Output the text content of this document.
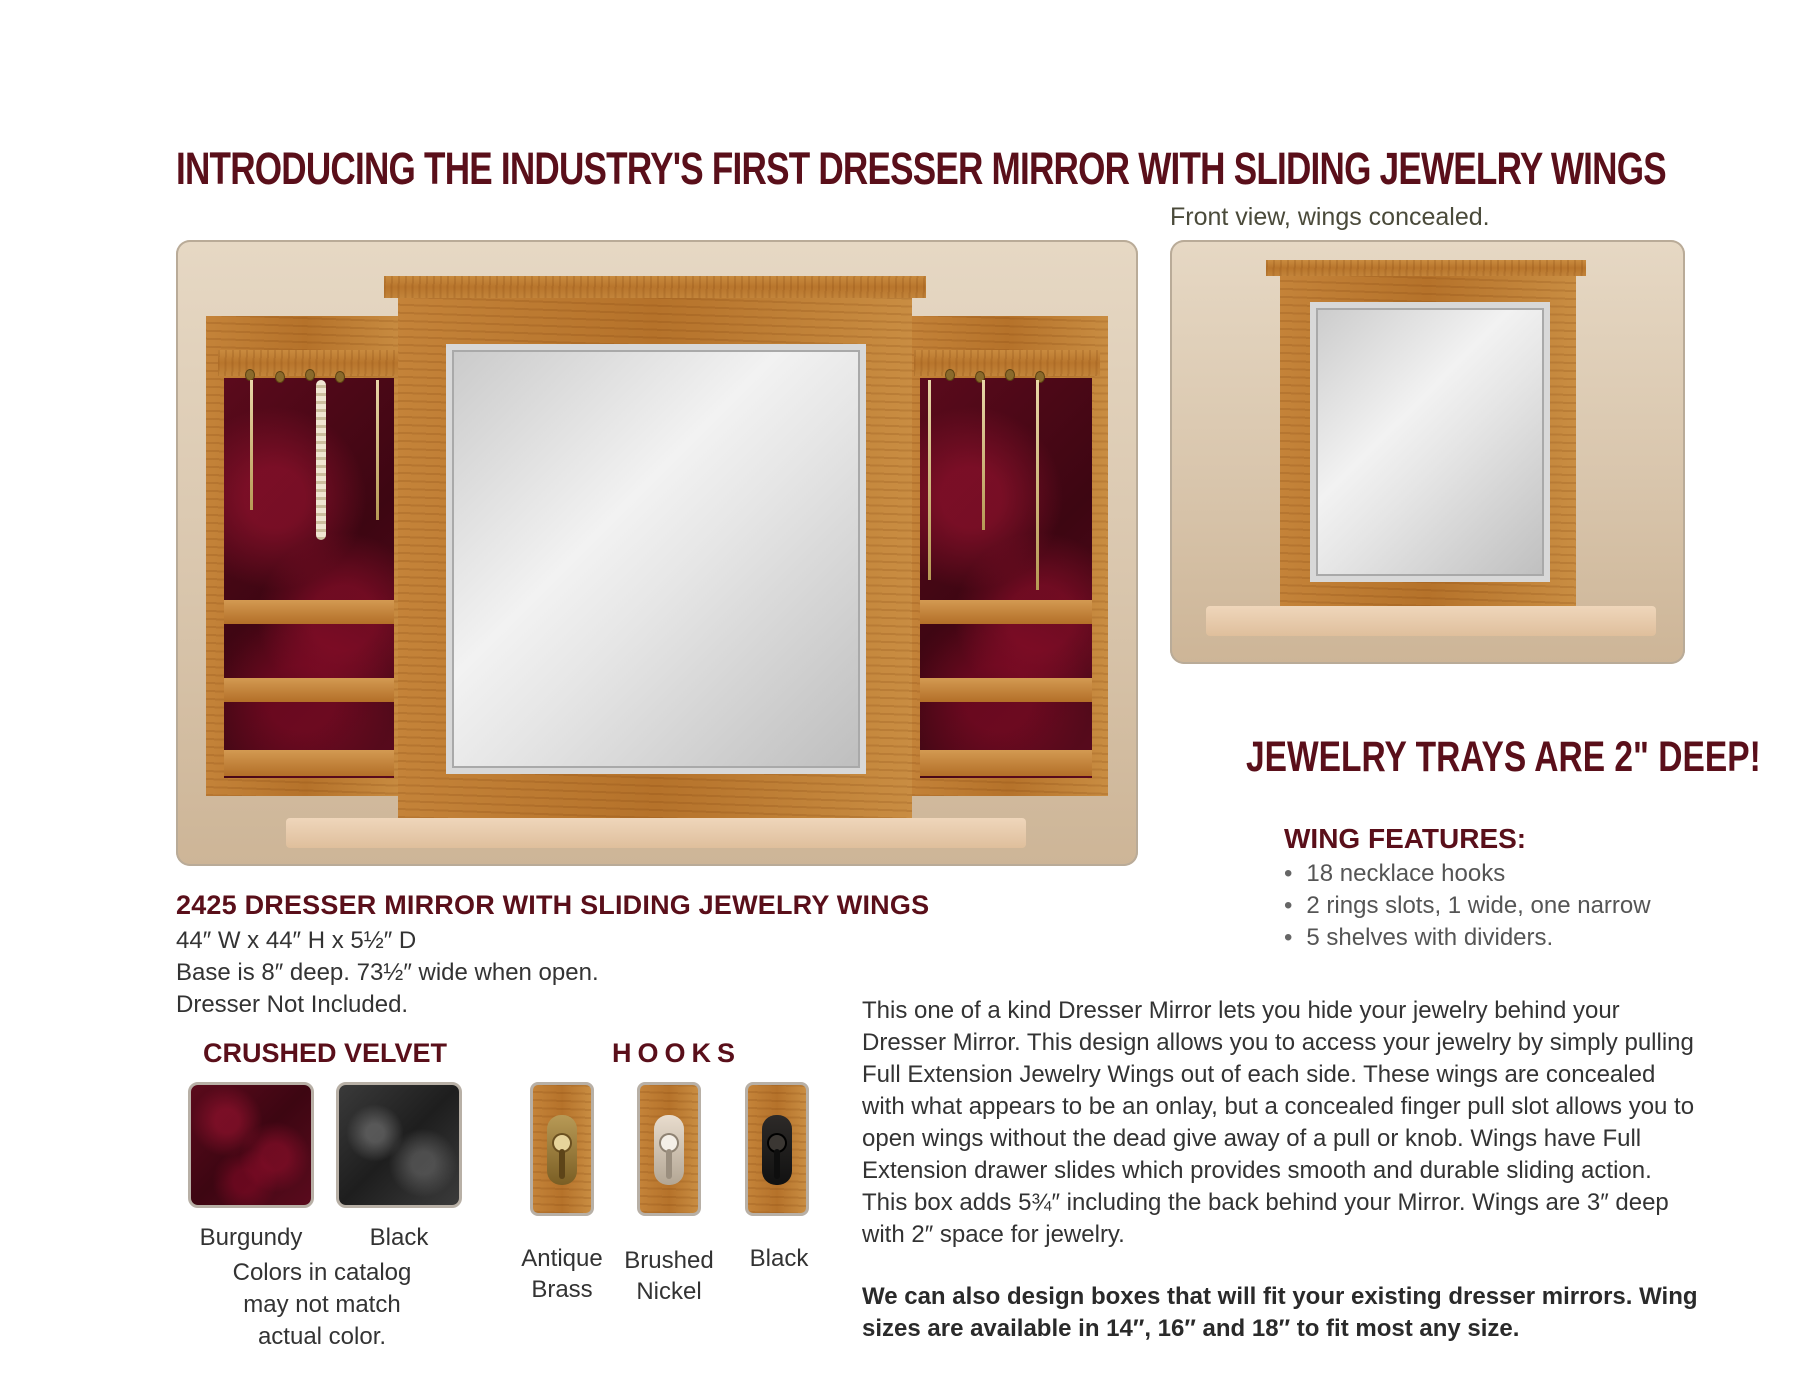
INTRODUCING THE INDUSTRY'S FIRST DRESSER MIRROR WITH SLIDING JEWELRY WINGS
Front view, wings concealed.
JEWELRY TRAYS ARE 2" DEEP!
WING FEATURES:
• 18 necklace hooks
• 2 rings slots, 1 wide, one narrow
• 5 shelves with dividers.
2425 DRESSER MIRROR WITH SLIDING JEWELRY WINGS
44″ W x 44″ H x 5½″ D
Base is 8″ deep. 73½″ wide when open.
Dresser Not Included.
CRUSHED VELVET
Burgundy	Black
Colors in catalog
may not match
actual color.
HOOKS
Antique
Brass
Brushed
Nickel
Black
This one of a kind Dresser Mirror lets you hide your jewelry behind your Dresser Mirror. This design allows you to access your jewelry by simply pulling Full Extension Jewelry Wings out of each side. These wings are concealed with what appears to be an onlay, but a concealed finger pull slot allows you to open wings without the dead give away of a pull or knob. Wings have Full Extension drawer slides which provides smooth and durable sliding action. This box adds 5¾″ including the back behind your Mirror. Wings are 3″ deep with 2″ space for jewelry.
We can also design boxes that will fit your existing dresser mirrors. Wing sizes are available in 14″, 16″ and 18″ to fit most any size.
